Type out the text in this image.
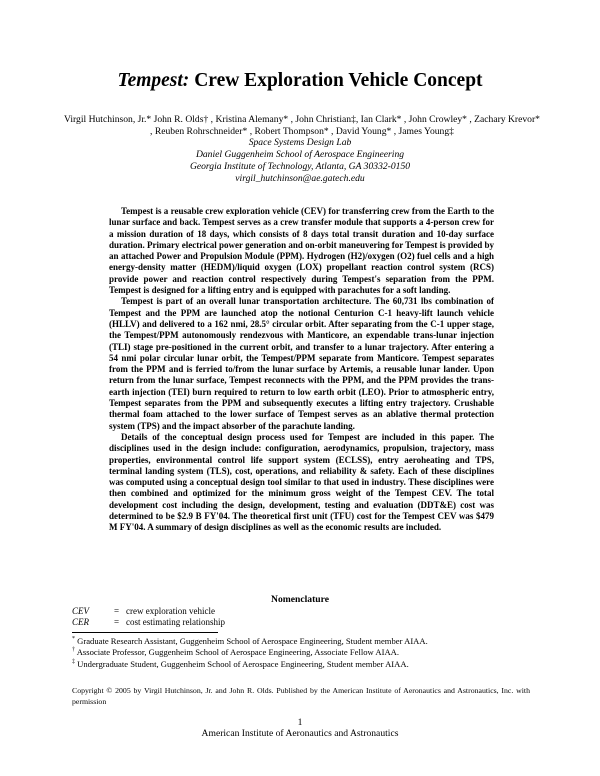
Tempest: Crew Exploration Vehicle Concept
Virgil Hutchinson, Jr.* John R. Olds† , Kristina Alemany* , John Christian‡, Ian Clark* , John Crowley* , Zachary Krevor* , Reuben Rohrschneider* , Robert Thompson* , David Young* , James Young‡
Space Systems Design Lab
Daniel Guggenheim School of Aerospace Engineering
Georgia Institute of Technology, Atlanta, GA 30332-0150
virgil_hutchinson@ae.gatech.edu

Tempest is a reusable crew exploration vehicle (CEV) for transferring crew from the Earth to the lunar surface and back. Tempest serves as a crew transfer module that supports a 4-person crew for a mission duration of 18 days, which consists of 8 days total transit duration and 10-day surface duration. Primary electrical power generation and on-orbit maneuvering for Tempest is provided by an attached Power and Propulsion Module (PPM). Hydrogen (H2)/oxygen (O2) fuel cells and a high energy-density matter (HEDM)/liquid oxygen (LOX) propellant reaction control system (RCS) provide power and reaction control respectively during Tempest's separation from the PPM. Tempest is designed for a lifting entry and is equipped with parachutes for a soft landing.

Tempest is part of an overall lunar transportation architecture. The 60,731 lbs combination of Tempest and the PPM are launched atop the notional Centurion C-1 heavy-lift launch vehicle (HLLV) and delivered to a 162 nmi, 28.5° circular orbit. After separating from the C-1 upper stage, the Tempest/PPM autonomously rendezvous with Manticore, an expendable trans-lunar injection (TLI) stage pre-positioned in the current orbit, and transfer to a lunar trajectory. After entering a 54 nmi polar circular lunar orbit, the Tempest/PPM separate from Manticore. Tempest separates from the PPM and is ferried to/from the lunar surface by Artemis, a reusable lunar lander. Upon return from the lunar surface, Tempest reconnects with the PPM, and the PPM provides the trans-earth injection (TEI) burn required to return to low earth orbit (LEO). Prior to atmospheric entry, Tempest separates from the PPM and subsequently executes a lifting entry trajectory. Crushable thermal foam attached to the lower surface of Tempest serves as an ablative thermal protection system (TPS) and the impact absorber of the parachute landing.

Details of the conceptual design process used for Tempest are included in this paper. The disciplines used in the design include: configuration, aerodynamics, propulsion, trajectory, mass properties, environmental control life support system (ECLSS), entry aeroheating and TPS, terminal landing system (TLS), cost, operations, and reliability & safety. Each of these disciplines was computed using a conceptual design tool similar to that used in industry. These disciplines were then combined and optimized for the minimum gross weight of the Tempest CEV. The total development cost including the design, development, testing and evaluation (DDT&E) cost was determined to be $2.9 B FY'04. The theoretical first unit (TFU) cost for the Tempest CEV was $479 M FY'04. A summary of design disciplines as well as the economic results are included.

Nomenclature
CEV	= crew exploration vehicle
CER	= cost estimating relationship
* Graduate Research Assistant, Guggenheim School of Aerospace Engineering, Student member AIAA.
† Associate Professor, Guggenheim School of Aerospace Engineering, Associate Fellow AIAA.
‡ Undergraduate Student, Guggenheim School of Aerospace Engineering, Student member AIAA.
Copyright © 2005 by Virgil Hutchinson, Jr. and John R. Olds. Published by the American Institute of Aeronautics and Astronautics, Inc. with permission
1
American Institute of Aeronautics and Astronautics
